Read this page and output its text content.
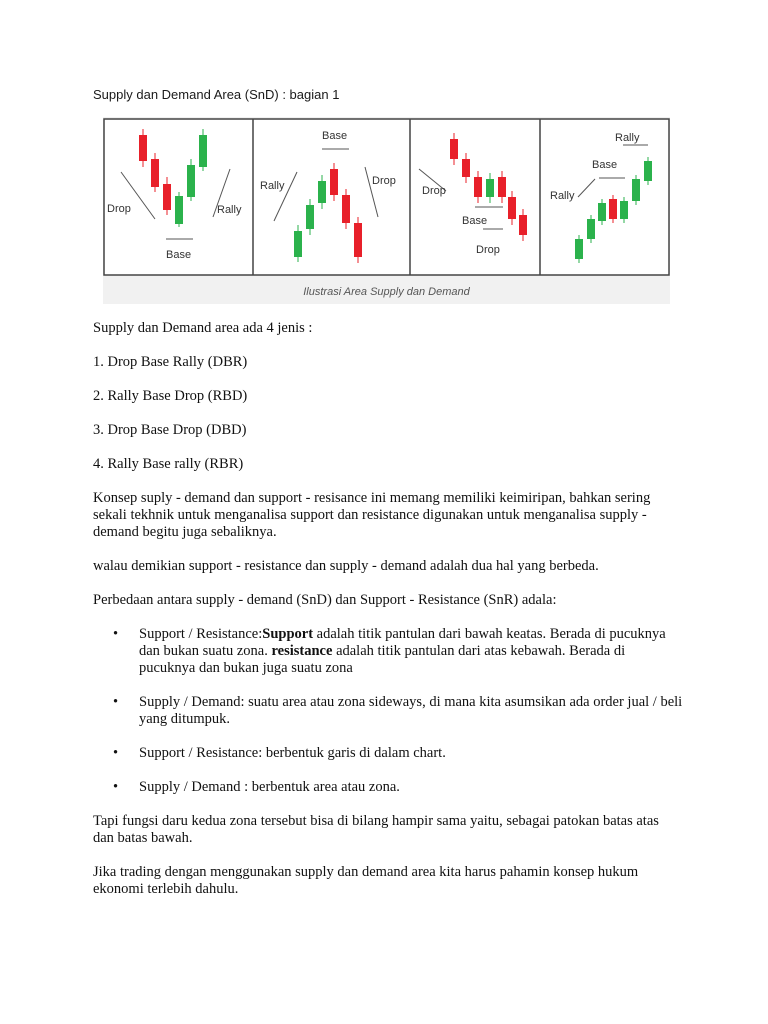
Supply dan Demand Area (SnD) : bagian 1
Drop
Base
Rally
Base
Rally	Drop
Drop
Base
Drop
Rally
Base
Rally
Ilustrasi Area Supply dan Demand

Supply dan Demand area ada 4 jenis :

1. Drop Base Rally (DBR)

2. Rally Base Drop (RBD)

3. Drop Base Drop (DBD)

4. Rally Base rally (RBR)

Konsep suply - demand dan support - resisance ini memang memiliki keimiripan, bahkan sering sekali tekhnik untuk menganalisa support dan resistance digunakan untuk menganalisa supply - demand begitu juga sebaliknya.

walau demikian support - resistance dan supply - demand adalah dua hal yang berbeda.

Perbedaan antara supply - demand (SnD) dan Support - Resistance (SnR) adala:

• Support / Resistance:Support adalah titik pantulan dari bawah keatas. Berada di pucuknya dan bukan suatu zona. resistance adalah titik pantulan dari atas kebawah. Berada di pucuknya dan bukan juga suatu zona
• Supply / Demand: suatu area atau zona sideways, di mana kita asumsikan ada order jual / beli yang ditumpuk.
• Support / Resistance: berbentuk garis di dalam chart.
• Supply / Demand : berbentuk area atau zona.

Tapi fungsi daru kedua zona tersebut bisa di bilang hampir sama yaitu, sebagai patokan batas atas dan batas bawah.

Jika trading dengan menggunakan supply dan demand area kita harus pahamin konsep hukum ekonomi terlebih dahulu.
